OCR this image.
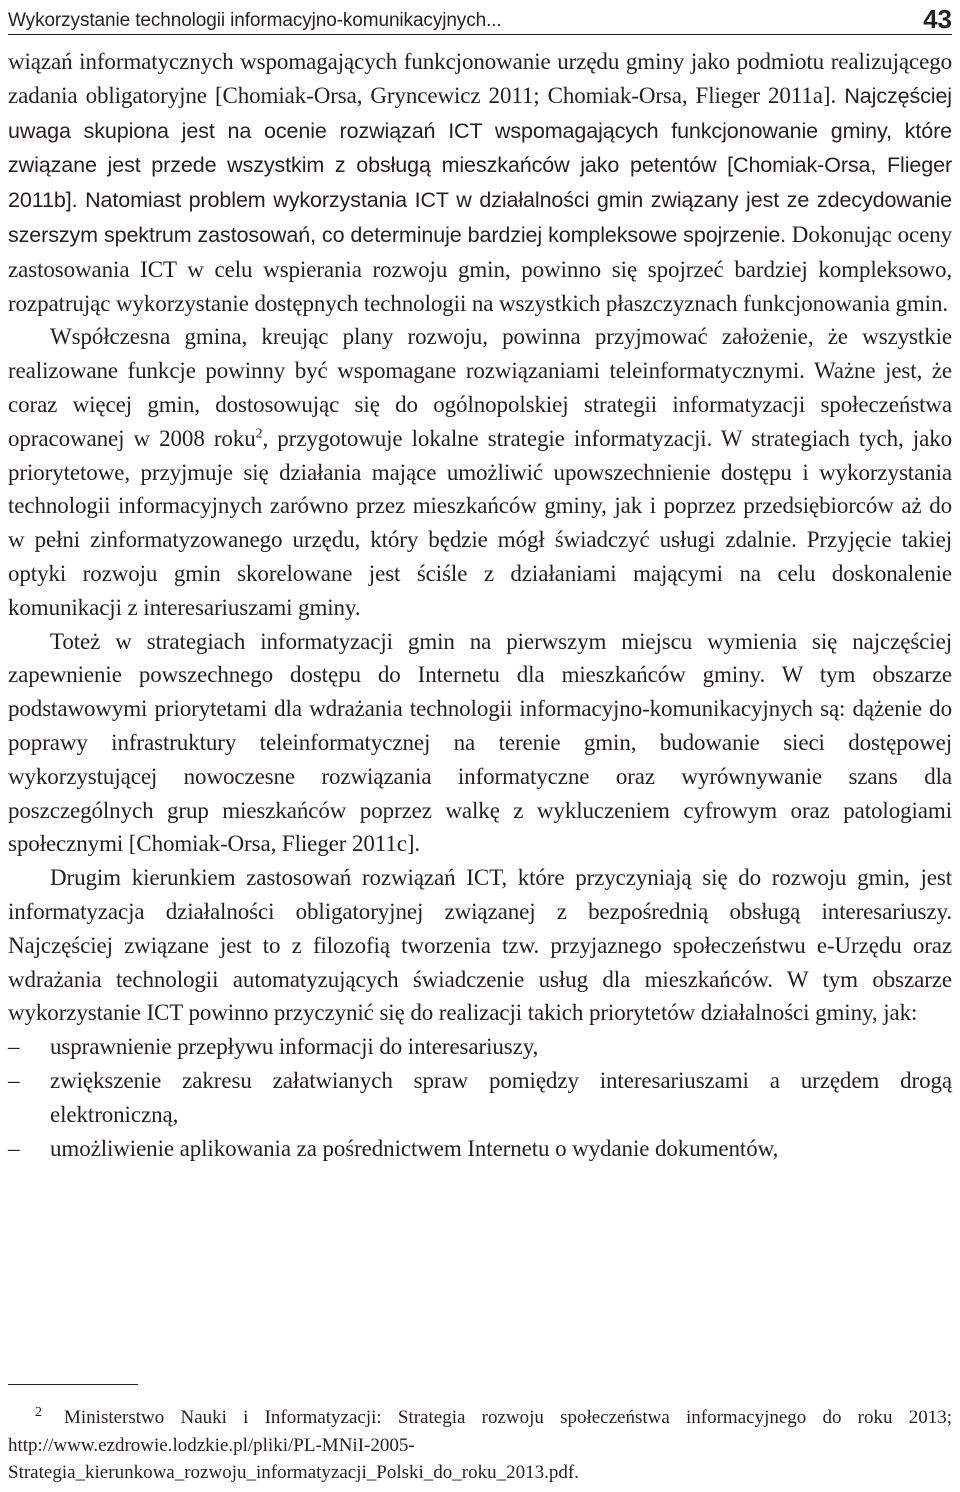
Wykorzystanie technologii informacyjno-komunikacyjnych...	43

wiązań informatycznych wspomagających funkcjonowanie urzędu gminy jako podmiotu realizującego zadania obligatoryjne [Chomiak-Orsa, Gryncewicz 2011; Chomiak-Orsa, Flieger 2011a]. Najczęściej uwaga skupiona jest na ocenie rozwiązań ICT wspomagających funkcjonowanie gminy, które związane jest przede wszystkim z obsługą mieszkańców jako petentów [Chomiak-Orsa, Flieger 2011b]. Natomiast problem wykorzystania ICT w działalności gmin związany jest ze zdecydowanie szerszym spektrum zastosowań, co determinuje bardziej kompleksowe spojrzenie. Dokonując oceny zastosowania ICT w celu wspierania rozwoju gmin, powinno się spojrzeć bardziej kompleksowo, rozpatrując wykorzystanie dostępnych technologii na wszystkich płaszczyznach funkcjonowania gmin.

Współczesna gmina, kreując plany rozwoju, powinna przyjmować założenie, że wszystkie realizowane funkcje powinny być wspomagane rozwiązaniami teleinformatycznymi. Ważne jest, że coraz więcej gmin, dostosowując się do ogólnopolskiej strategii informatyzacji społeczeństwa opracowanej w 2008 roku$^2$, przygotowuje lokalne strategie informatyzacji. W strategiach tych, jako priorytetowe, przyjmuje się działania mające umożliwić upowszechnienie dostępu i wykorzystania technologii informacyjnych zarówno przez mieszkańców gminy, jak i poprzez przedsiębiorców aż do w pełni zinformatyzowanego urzędu, który będzie mógł świadczyć usługi zdalnie. Przyjęcie takiej optyki rozwoju gmin skorelowane jest ściśle z działaniami mającymi na celu doskonalenie komunikacji z interesariuszami gminy.

Toteż w strategiach informatyzacji gmin na pierwszym miejscu wymienia się najczęściej zapewnienie powszechnego dostępu do Internetu dla mieszkańców gminy. W tym obszarze podstawowymi priorytetami dla wdrażania technologii informacyjno-komunikacyjnych są: dążenie do poprawy infrastruktury teleinformatycznej na terenie gmin, budowanie sieci dostępowej wykorzystującej nowoczesne rozwiązania informatyczne oraz wyrównywanie szans dla poszczególnych grup mieszkańców poprzez walkę z wykluczeniem cyfrowym oraz patologiami społecznymi [Chomiak-Orsa, Flieger 2011c].

Drugim kierunkiem zastosowań rozwiązań ICT, które przyczyniają się do rozwoju gmin, jest informatyzacja działalności obligatoryjnej związanej z bezpośrednią obsługą interesariuszy. Najczęściej związane jest to z filozofią tworzenia tzw. przyjaznego społeczeństwu e-Urzędu oraz wdrażania technologii automatyzujących świadczenie usług dla mieszkańców. W tym obszarze wykorzystanie ICT powinno przyczynić się do realizacji takich priorytetów działalności gminy, jak:

– usprawnienie przepływu informacji do interesariuszy,
– zwiększenie zakresu załatwianych spraw pomiędzy interesariuszami a urzędem drogą elektroniczną,
– umożliwienie aplikowania za pośrednictwem Internetu o wydanie dokumentów,
2 Ministerstwo Nauki i Informatyzacji: Strategia rozwoju społeczeństwa informacyjnego do roku 2013; http://www.ezdrowie.lodzkie.pl/pliki/PL-MNiI-2005-Strategia_kierunkowa_rozwoju_informatyzacji_Polski_do_roku_2013.pdf.
